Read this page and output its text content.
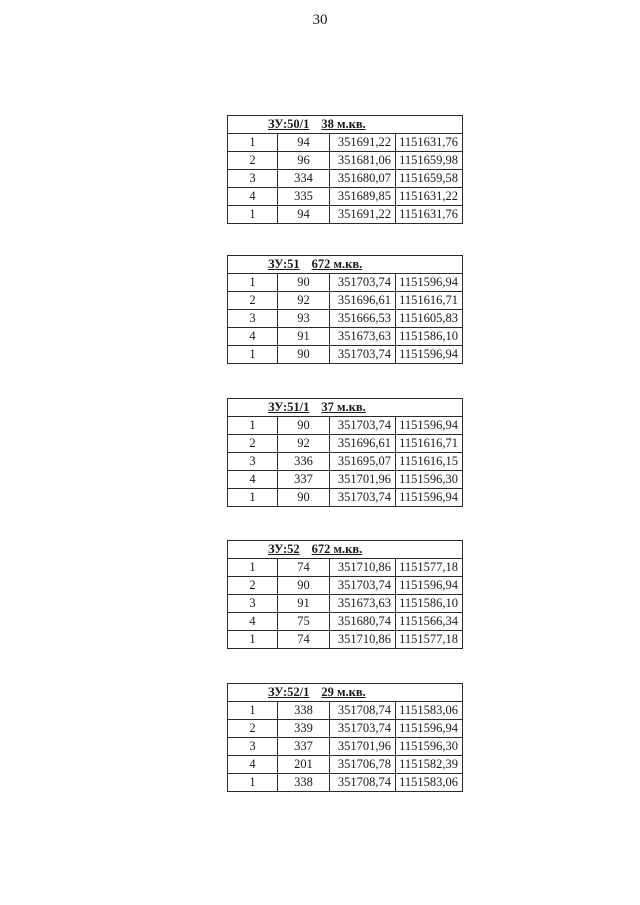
30
ЗУ:50/1 38 м.кв.			
1	94	351691,22	1151631,76
2	96	351681,06	1151659,98
3	334	351680,07	1151659,58
4	335	351689,85	1151631,22
1	94	351691,22	1151631,76
ЗУ:51 672 м.кв.			
1	90	351703,74	1151596,94
2	92	351696,61	1151616,71
3	93	351666,53	1151605,83
4	91	351673,63	1151586,10
1	90	351703,74	1151596,94
ЗУ:51/1 37 м.кв.			
1	90	351703,74	1151596,94
2	92	351696,61	1151616,71
3	336	351695,07	1151616,15
4	337	351701,96	1151596,30
1	90	351703,74	1151596,94
ЗУ:52 672 м.кв.			
1	74	351710,86	1151577,18
2	90	351703,74	1151596,94
3	91	351673,63	1151586,10
4	75	351680,74	1151566,34
1	74	351710,86	1151577,18
ЗУ:52/1 29 м.кв.			
1	338	351708,74	1151583,06
2	339	351703,74	1151596,94
3	337	351701,96	1151596,30
4	201	351706,78	1151582,39
1	338	351708,74	1151583,06
